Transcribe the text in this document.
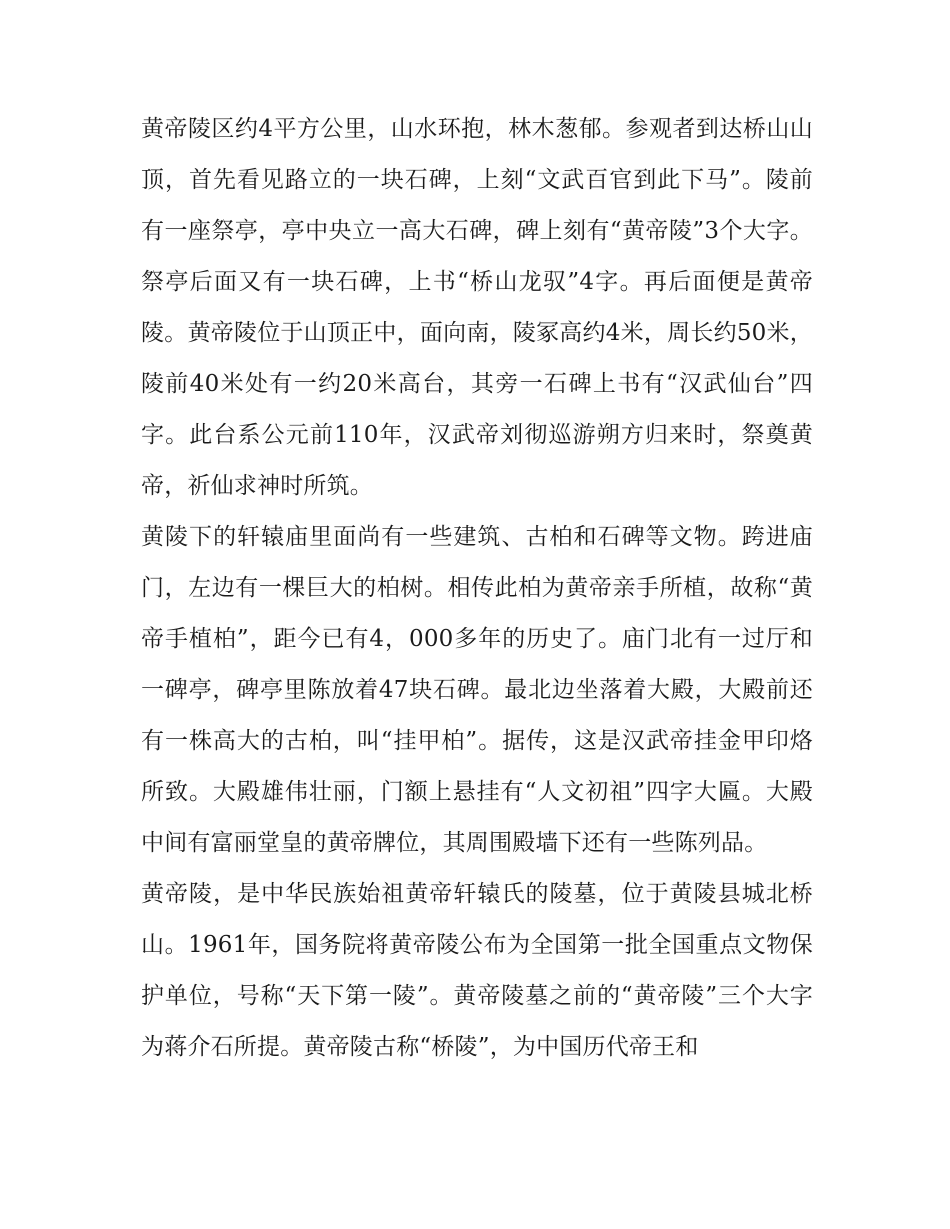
黄帝陵区约4平方公里，山水环抱，林木葱郁。参观者到达桥山山顶，首先看见路立的一块石碑，上刻“文武百官到此下马”。陵前有一座祭亭，亭中央立一高大石碑，碑上刻有“黄帝陵”3个大字。祭亭后面又有一块石碑，上书“桥山龙驭”4字。再后面便是黄帝陵。黄帝陵位于山顶正中，面向南，陵冢高约4米，周长约50米，陵前40米处有一约20米高台，其旁一石碑上书有“汉武仙台”四字。此台系公元前110年，汉武帝刘彻巡游朔方归来时，祭奠黄帝，祈仙求神时所筑。

黄陵下的轩辕庙里面尚有一些建筑、古柏和石碑等文物。跨进庙门，左边有一棵巨大的柏树。相传此柏为黄帝亲手所植，故称“黄帝手植柏”，距今已有4，000多年的历史了。庙门北有一过厅和一碑亭，碑亭里陈放着47块石碑。最北边坐落着大殿，大殿前还有一株高大的古柏，叫“挂甲柏”。据传，这是汉武帝挂金甲印烙所致。大殿雄伟壮丽，门额上悬挂有“人文初祖”四字大匾。大殿中间有富丽堂皇的黄帝牌位，其周围殿墙下还有一些陈列品。

黄帝陵，是中华民族始祖黄帝轩辕氏的陵墓，位于黄陵县城北桥山。1961年，国务院将黄帝陵公布为全国第一批全国重点文物保护单位，号称“天下第一陵”。黄帝陵墓之前的“黄帝陵”三个大字为蒋介石所提。黄帝陵古称“桥陵”，为中国历代帝王和
